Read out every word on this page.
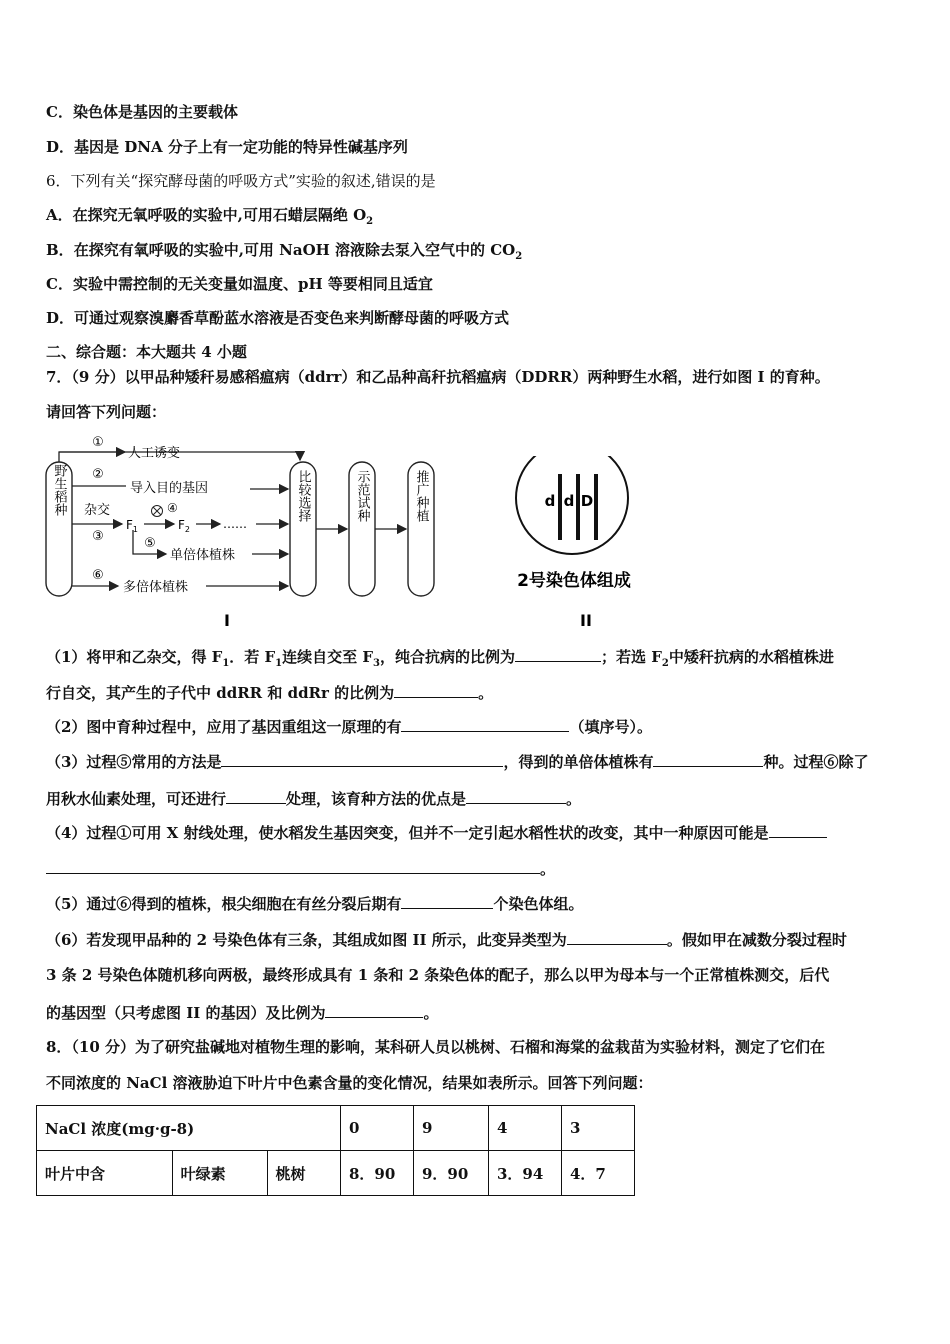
C．染色体是基因的主要载体
D．基因是 DNA 分子上有一定功能的特异性碱基序列
6．下列有关“探究酵母菌的呼吸方式”实验的叙述,错误的是
A．在探究无氧呼吸的实验中,可用石蜡层隔绝 $O_2$
B．在探究有氧呼吸的实验中,可用 NaOH 溶液除去泵入空气中的 $CO_2$
C．实验中需控制的无关变量如温度、pH 等要相同且适宜
D．可通过观察溴麝香草酚蓝水溶液是否变色来判断酵母菌的呼吸方式
二、综合题：本大题共 4 小题
7．（9 分）以甲品种矮秆易感稻瘟病（ddrr）和乙品种高秆抗稻瘟病（DDRR）两种野生水稻，进行如图 I 的育种。
请回答下列问题：
野生稻种	比较选择	示范试种	推广种植
①
人工诱变
②
导入目的基因
杂交
③
$F_1$
④
$F_2$	……
⑤
单倍体植株
⑥
多倍体植株
I
d d D
2号染色体组成
II
（1）将甲和乙杂交，得 $F_1$．若 $F_1$连续自交至 $F_3$，纯合抗病的比例为	；若选 $F_2$中矮秆抗病的水稻植株进
行自交，其产生的子代中 ddRR 和 ddRr 的比例为	。
（2）图中育种过程中，应用了基因重组这一原理的有	（填序号）。
（3）过程⑤常用的方法是	，得到的单倍体植株有	种。过程⑥除了
用秋水仙素处理，可还进行	处理，该育种方法的优点是	。
（4）过程①可用 X 射线处理，使水稻发生基因突变，但并不一定引起水稻性状的改变，其中一种原因可能是
。
（5）通过⑥得到的植株，根尖细胞在有丝分裂后期有	个染色体组。
（6）若发现甲品种的 2 号染色体有三条，其组成如图 II 所示，此变异类型为	。假如甲在减数分裂过程时
3 条 2 号染色体随机移向两极，最终形成具有 1 条和 2 条染色体的配子，那么以甲为母本与一个正常植株测交，后代
的基因型（只考虑图 II 的基因）及比例为	。
8．（10 分）为了研究盐碱地对植物生理的影响，某科研人员以桃树、石榴和海棠的盆栽苗为实验材料，测定了它们在
不同浓度的 NaCl 溶液胁迫下叶片中色素含量的变化情况，结果如表所示。回答下列问题：
NaCl 浓度(mg·g-8)			0	9	4	3
叶片中含	叶绿素	桃树	8．90	9．90	3．94	4．7
